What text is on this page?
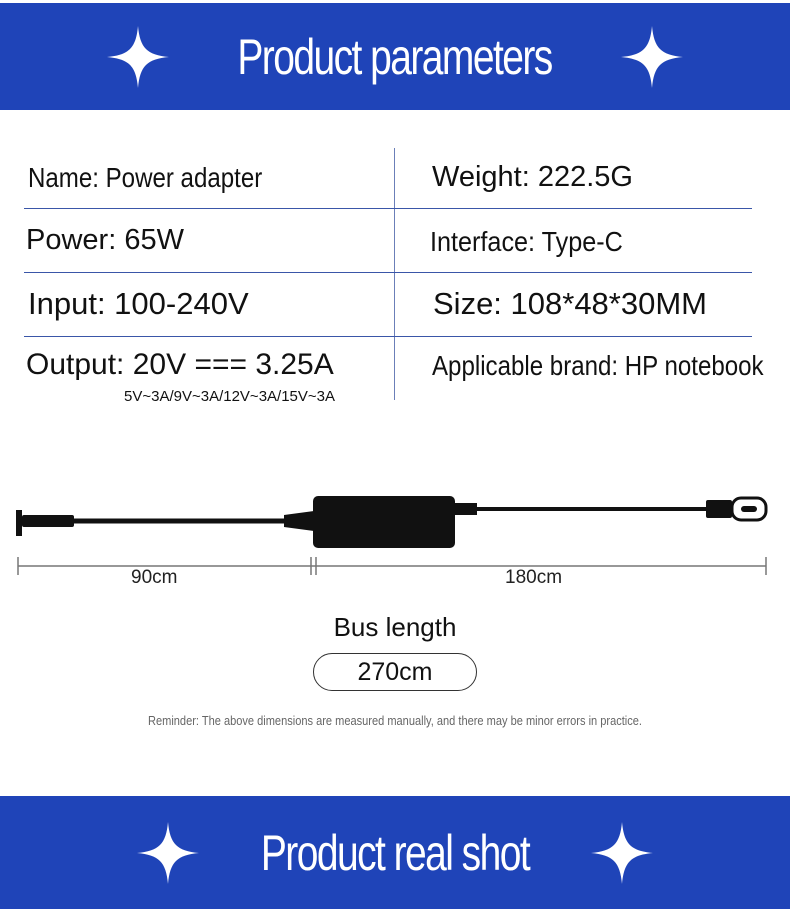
Product parameters
Name: Power adapter	Weight: 222.5G
Power: 65W	Interface: Type-C
Input: 100-240V	Size: 108*48*30MM
Output: 20V === 3.25A	Applicable brand: HP notebook
5V~3A/9V~3A/12V~3A/15V~3A
90cm	180cm
Bus length
270cm
Reminder: The above dimensions are measured manually, and there may be minor errors in practice.
Product real shot
